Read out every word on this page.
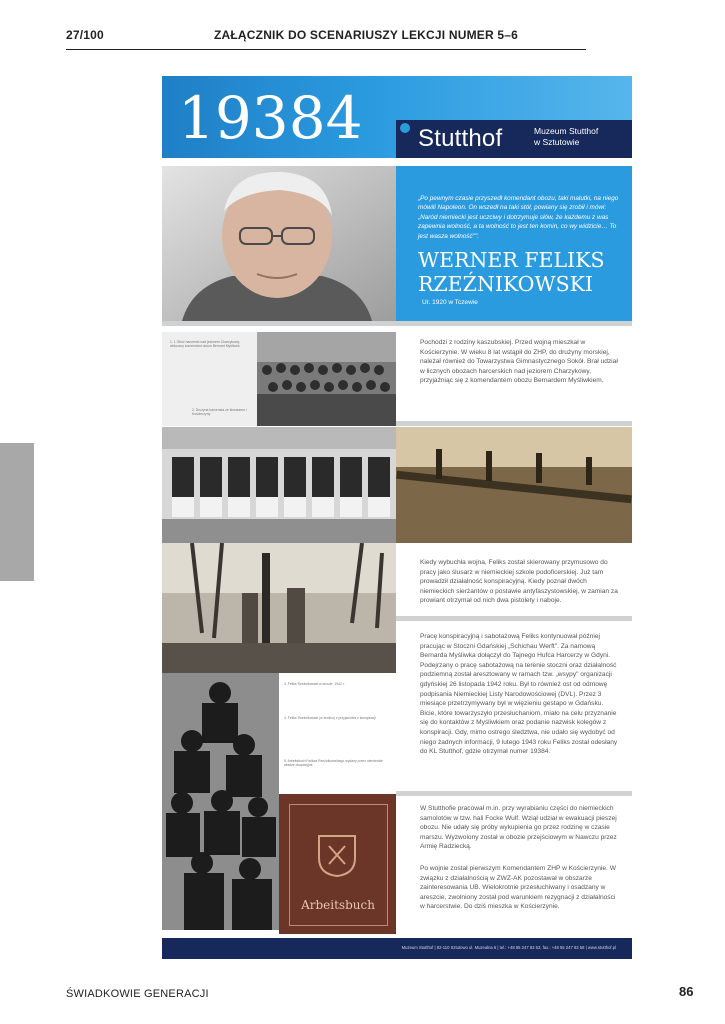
27/100	ZAŁĄCZNIK DO SCENARIUSZY LEKCJI NUMER 5–6
19384 Stutthof	Muzeum Stutthof
w Sztutowie
„Po pewnym czasie przyszedł komendant obozu, taki malutki, na niego mówili Napoleon. On wszedł na taki stół, powiany się zrobił i mówi: „Naród niemiecki jest uczciwy i dotrzymuje słów, że każdemu z was zapewnia wolność, a ta wolność to jest ten komin, co wy widzicie… To jest wasza wolność"".
WERNER FELIKS
RZEŹNIKOWSKI
Ur. 1920 w Tczewie
1. 1 Obóz harcerski nad jeziorem Charzykowy, widoczny komendant obozu Bernard Myśliwek
2. Drużyna harcerska ze ślusarzem i Kościerzyny
Pochodzi z rodziny kaszubskiej. Przed wojną mieszkał w Kościerzynie. W wieku 8 lat wstąpił do ZHP, do drużyny morskiej, należał również do Towarzystwa Gimnastycznego Sokół. Brał udział w licznych obozach harcerskich nad jeziorem Charzykowy, przyjaźniąc się z komendantem obozu Bernardem Myśliwkiem.
Kiedy wybuchła wojna, Feliks został skierowany przymusowo do pracy jako ślusarz w niemieckiej szkole podoficerskiej. Już tam prowadził działalność konspiracyjną. Kiedy poznał dwóch niemieckich sierżantów o postawie antyfaszystowskiej, w zamian za prowiant otrzymał od nich dwa pistolety i naboje.
Pracę konspiracyjną i sabotażową Feliks kontynuował później pracując w Stoczni Gdańskiej „Schichau Werft". Za namową Bernarda Myśliwka dołączył do Tajnego Hufca Harcerzy w Gdyni. Podejrzany o pracę sabotażową na terenie stoczni oraz działalność podziemną został aresztowany w ramach tzw. „wsypy" organizacji gdyńskiej 26 listopada 1942 roku. Był to również ost od odmowę podpisania Niemieckiej Listy Narodowościowej (DVL). Przez 3 miesiące przetrzymywany był w więzieniu gestapo w Gdańsku. Bicie, które towarzyszyło przesłuchaniom, miało na celu przyznanie się do kontaktów z Myśliwkiem oraz podanie nazwisk kolegów z konspiracji. Gdy, mimo ostrego śledztwa, nie udało się wydobyć od niego żadnych informacji, 9 lutego 1943 roku Feliks został odesłany do KL Stutthof, gdzie otrzymał numer 19384.
3. Feliks Rzeźnikowski w obozie, 1942 r.
4. Feliks Rzeźnikowski (w środku) z przyjaciółmi z konspiracji
5. Arbeitsbuch Feliksa Rzeźnikowskiego wydany przez niemieckie władze okupacyjne
Arbeitsbuch
W Stutthofie pracował m.in. przy wyrabianiu części do niemieckich samolotów w tzw. hali Focke Wulf. Wziął udział w ewakuacji pieszej obozu. Nie udały się próby wykupienia go przez rodzinę w czasie marszu. Wyzwolony został w obozie przejściowym w Nawczu przez Armię Radziecką.
Po wojnie został pierwszym Komendantem ZHP w Kościerzynie. W związku z działalnością w ZWZ-AK pozostawał w obszarze zainteresowania UB. Wielokrotnie przesłuchiwany i osadzany w areszcie, zwolniony został pod warunkiem rezygnacji z działalności w harcerstwie. Do dziś mieszka w Kościerzynie.
Muzeum Stutthof | 82-110 Sztutowo ul. Muzealna 6 | tel.: +48 55 247 83 53, fax.: +48 55 247 83 58 | www.stutthof.pl
ŚWIADKOWIE GENERACJI	86
